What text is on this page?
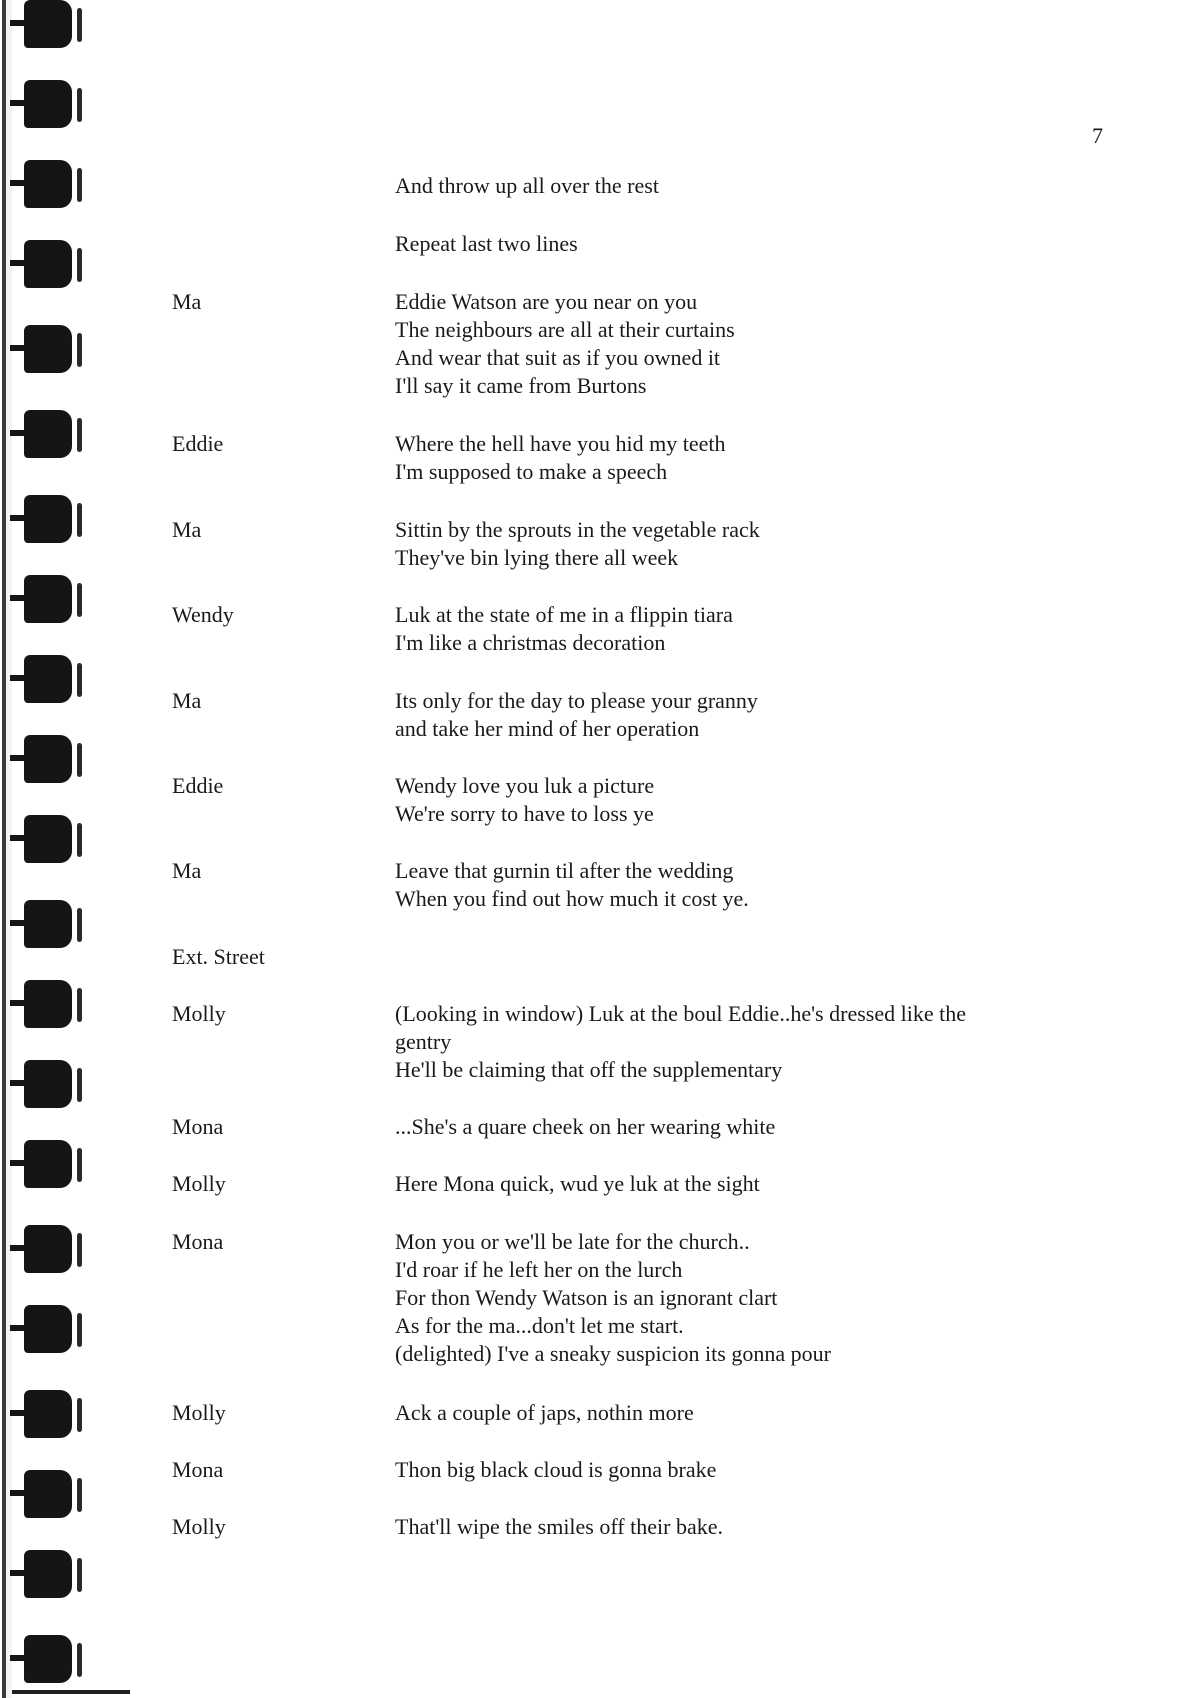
7
And throw up all over the rest
Repeat last two lines
Ma	Eddie Watson are you near on you
The neighbours are all at their curtains
And wear that suit as if you owned it
I'll say it came from Burtons
Eddie	Where the hell have you hid my teeth
I'm supposed to make a speech
Ma	Sittin by the sprouts in the vegetable rack
They've bin lying there all week
Wendy	Luk at the state of me in a flippin tiara
I'm like a christmas decoration
Ma	Its only for the day to please your granny
and take her mind of her operation
Eddie	Wendy love you luk a picture
We're sorry to have to loss ye
Ma	Leave that gurnin til after the wedding
When you find out how much it cost ye.
Ext. Street
Molly	(Looking in window) Luk at the boul Eddie..he's dressed like the
gentry
He'll be claiming that off the supplementary
Mona	...She's a quare cheek on her wearing white
Molly	Here Mona quick, wud ye luk at the sight
Mona	Mon you or we'll be late for the church..
I'd roar if he left her on the lurch
For thon Wendy Watson is an ignorant clart
As for the ma...don't let me start.
(delighted) I've a sneaky suspicion its gonna pour
Molly	Ack a couple of japs, nothin more
Mona	Thon big black cloud is gonna brake
Molly	That'll wipe the smiles off their bake.
